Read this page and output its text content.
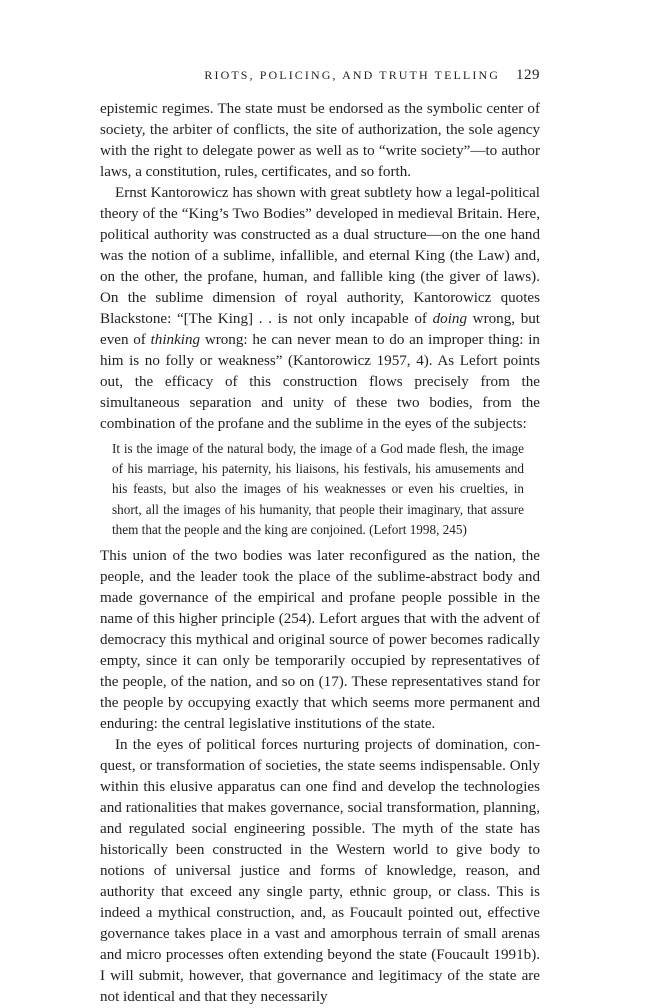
RIOTS, POLICING, AND TRUTH TELLING 129

epistemic regimes. The state must be endorsed as the symbolic center of society, the arbiter of conflicts, the site of authorization, the sole agency with the right to delegate power as well as to “write society”—to author laws, a constitution, rules, certificates, and so forth.

Ernst Kantorowicz has shown with great subtlety how a legal-political theory of the “King’s Two Bodies” developed in medieval Britain. Here, political authority was constructed as a dual structure—on the one hand was the notion of a sublime, infallible, and eternal King (the Law) and, on the other, the profane, human, and fallible king (the giver of laws). On the sublime dimension of royal authority, Kantorowicz quotes Blackstone: “[The King] . . is not only incapable of doing wrong, but even of thinking wrong: he can never mean to do an improper thing: in him is no folly or weakness” (Kantorowicz 1957, 4). As Lefort points out, the efficacy of this construction flows precisely from the simultaneous separation and unity of these two bodies, from the combination of the profane and the sublime in the eyes of the subjects:

It is the image of the natural body, the image of a God made flesh, the image of his marriage, his paternity, his liaisons, his festivals, his amusements and his feasts, but also the images of his weaknesses or even his cruelties, in short, all the images of his humanity, that people their imaginary, that assure them that the people and the king are conjoined. (Lefort 1998, 245)

This union of the two bodies was later reconfigured as the nation, the people, and the leader took the place of the sublime-abstract body and made governance of the empirical and profane people possible in the name of this higher principle (254). Lefort argues that with the advent of democracy this mythical and original source of power becomes radically empty, since it can only be temporarily occupied by representatives of the people, of the nation, and so on (17). These representatives stand for the people by occupying exactly that which seems more permanent and enduring: the central legislative institutions of the state.

In the eyes of political forces nurturing projects of domination, conquest, or transformation of societies, the state seems indispensable. Only within this elusive apparatus can one find and develop the technologies and rationalities that makes governance, social transformation, planning, and regulated social engineering possible. The myth of the state has historically been constructed in the Western world to give body to notions of universal justice and forms of knowledge, reason, and authority that exceed any single party, ethnic group, or class. This is indeed a mythical construction, and, as Foucault pointed out, effective governance takes place in a vast and amorphous terrain of small arenas and micro processes often extending beyond the state (Foucault 1991b). I will submit, however, that governance and legitimacy of the state are not identical and that they necessarily
